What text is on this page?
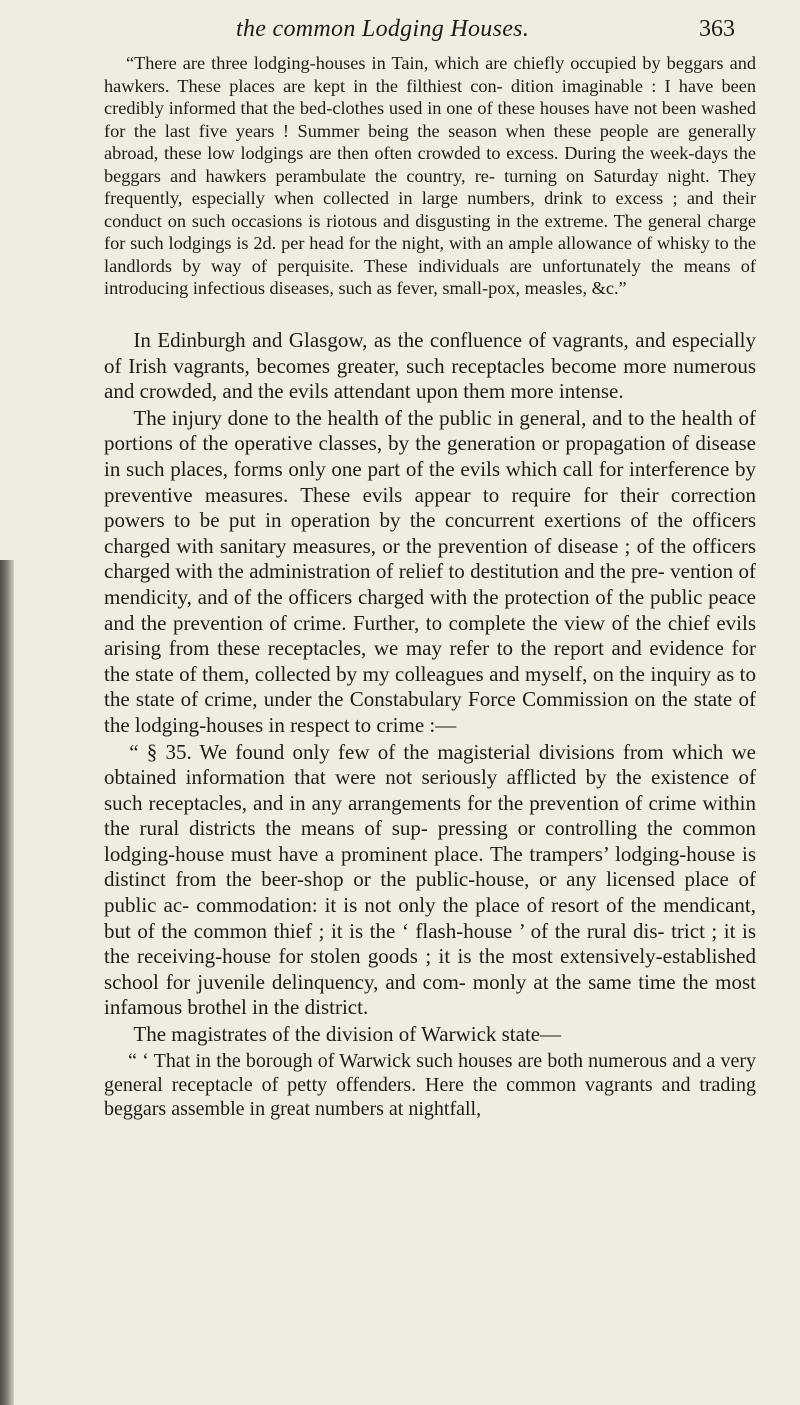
the common Lodging Houses.	363

“There are three lodging-houses in Tain, which are chiefly occupied by beggars and hawkers. These places are kept in the filthiest con- dition imaginable : I have been credibly informed that the bed-clothes used in one of these houses have not been washed for the last five years ! Summer being the season when these people are generally abroad, these low lodgings are then often crowded to excess. During the week-days the beggars and hawkers perambulate the country, re- turning on Saturday night. They frequently, especially when collected in large numbers, drink to excess ; and their conduct on such occasions is riotous and disgusting in the extreme. The general charge for such lodgings is 2d. per head for the night, with an ample allowance of whisky to the landlords by way of perquisite. These individuals are unfortunately the means of introducing infectious diseases, such as fever, small-pox, measles, &c.”

In Edinburgh and Glasgow, as the confluence of vagrants, and especially of Irish vagrants, becomes greater, such receptacles become more numerous and crowded, and the evils attendant upon them more intense.

The injury done to the health of the public in general, and to the health of portions of the operative classes, by the generation or propagation of disease in such places, forms only one part of the evils which call for interference by preventive measures. These evils appear to require for their correction powers to be put in operation by the concurrent exertions of the officers charged with sanitary measures, or the prevention of disease ; of the officers charged with the administration of relief to destitution and the pre- vention of mendicity, and of the officers charged with the protection of the public peace and the prevention of crime. Further, to complete the view of the chief evils arising from these receptacles, we may refer to the report and evidence for the state of them, collected by my colleagues and myself, on the inquiry as to the state of crime, under the Constabulary Force Commission on the state of the lodging-houses in respect to crime :—

“ § 35. We found only few of the magisterial divisions from which we obtained information that were not seriously afflicted by the existence of such receptacles, and in any arrangements for the prevention of crime within the rural districts the means of sup- pressing or controlling the common lodging-house must have a prominent place. The trampers’ lodging-house is distinct from the beer-shop or the public-house, or any licensed place of public ac- commodation: it is not only the place of resort of the mendicant, but of the common thief ; it is the ‘ flash-house ’ of the rural dis- trict ; it is the receiving-house for stolen goods ; it is the most extensively-established school for juvenile delinquency, and com- monly at the same time the most infamous brothel in the district.

The magistrates of the division of Warwick state—

“ ‘ That in the borough of Warwick such houses are both numerous and a very general receptacle of petty offenders. Here the common vagrants and trading beggars assemble in great numbers at nightfall,
